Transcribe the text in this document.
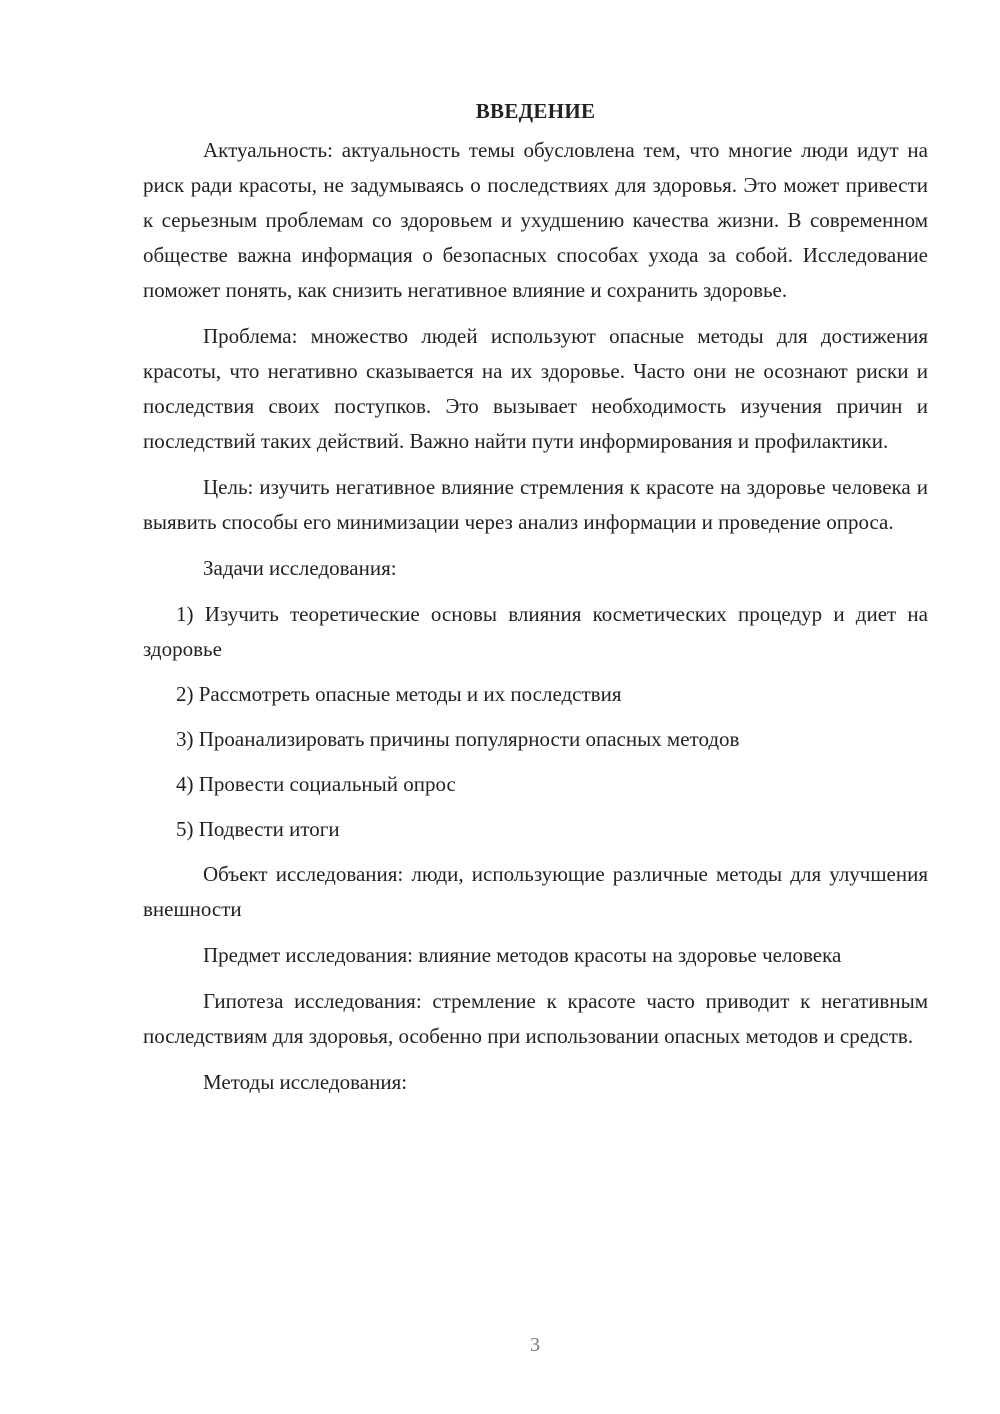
ВВЕДЕНИЕ

Актуальность: актуальность темы обусловлена тем, что многие люди идут на риск ради красоты, не задумываясь о последствиях для здоровья. Это может привести к серьезным проблемам со здоровьем и ухудшению качества жизни. В современном обществе важна информация о безопасных способах ухода за собой. Исследование поможет понять, как снизить негативное влияние и сохранить здоровье.

Проблема: множество людей используют опасные методы для достижения красоты, что негативно сказывается на их здоровье. Часто они не осознают риски и последствия своих поступков. Это вызывает необходимость изучения причин и последствий таких действий. Важно найти пути информирования и профилактики.

Цель: изучить негативное влияние стремления к красоте на здоровье человека и выявить способы его минимизации через анализ информации и проведение опроса.

Задачи исследования:

1) Изучить теоретические основы влияния косметических процедур и диет на здоровье

2) Рассмотреть опасные методы и их последствия

3) Проанализировать причины популярности опасных методов

4) Провести социальный опрос

5) Подвести итоги

Объект исследования: люди, использующие различные методы для улучшения внешности

Предмет исследования: влияние методов красоты на здоровье человека

Гипотеза исследования: стремление к красоте часто приводит к негативным последствиям для здоровья, особенно при использовании опасных методов и средств.

Методы исследования:

3
